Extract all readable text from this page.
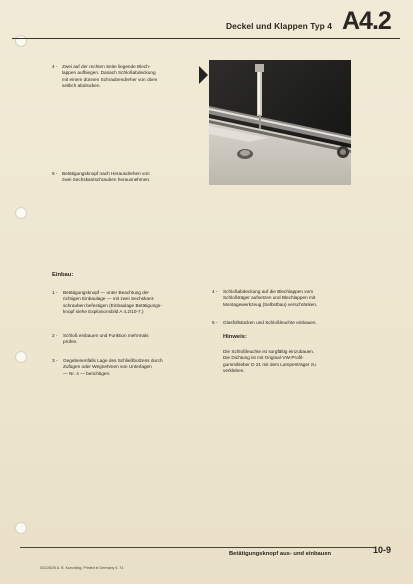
Deckel und Klappen Typ 4 A4.2
4 - Zwei auf der rechten Seite liegende Blech-
lappen aufbiegen. Danach Schloßabdeckung
mit einem dünnen Schraubendreher von oben
seitlich abdrücken.
5 - Betätigungsknopf nach Herausdrehen von
zwei Sechskantschrauben herausnehmen.
Einbau:
1 - Betätigungsknopf — unter Beachtung der
richtigen Einbaulage — mit zwei Sechskant-
schrauben befestigen (Einbaulage Betätigungs-
knopf siehe Explosionsbild A 4.2/10-7.)
2 - Schloß einbauen und Funktion mehrmals
prüfen.
3 - Gegebenenfalls Lage des Schließbolzens durch
Zufügen oder Wegnehmen von Unterlagen
— Nr. 4 — berichtigen.
4 - Schloßabdeckung auf die Blechlappen vom
Schloßträger aufsetzen und Blechlappen mit
Montagewerkzeug (Selbstbau) verschränken.
5 - Glasfüllstücken und Schloßleuchte einbauen.
Hinweis:
Die Schloßleuchte ist sorgfältig einzubauen.
Die Dichtung ist mit Original-VW-Profil-
gummikleber D 21 mit dem Lampenträger zu
verkleben.
Betätigungsknopf aus- und einbauen	10-9
031/28/25 A. B. Kuechling, Printed in Germany 6. 74
